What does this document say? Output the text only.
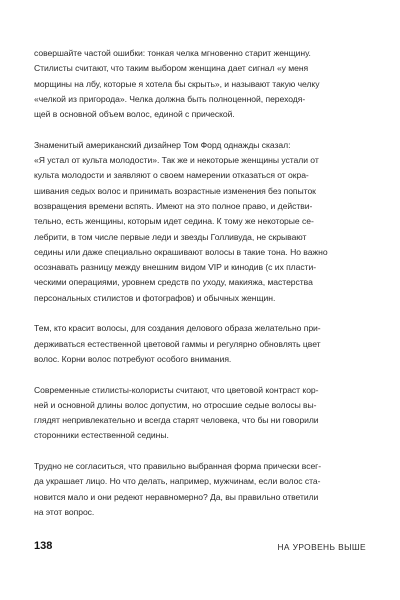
совершайте частой ошибки: тонкая челка мгновенно старит женщину.
Стилисты считают, что таким выбором женщина дает сигнал «у меня
морщины на лбу, которые я хотела бы скрыть», и называют такую челку
«челкой из пригорода». Челка должна быть полноценной, переходя-
щей в основной объем волос, единой с прической.

Знаменитый американский дизайнер Том Форд однажды сказал:
«Я устал от культа молодости». Так же и некоторые женщины устали от
культа молодости и заявляют о своем намерении отказаться от окра-
шивания седых волос и принимать возрастные изменения без попыток
возвращения времени вспять. Имеют на это полное право, и действи-
тельно, есть женщины, которым идет седина. К тому же некоторые се-
лебрити, в том числе первые леди и звезды Голливуда, не скрывают
седины или даже специально окрашивают волосы в такие тона. Но важно
осознавать разницу между внешним видом VIP и кинодив (с их пласти-
ческими операциями, уровнем средств по уходу, макияжа, мастерства
персональных стилистов и фотографов) и обычных женщин.

Тем, кто красит волосы, для создания делового образа желательно при-
держиваться естественной цветовой гаммы и регулярно обновлять цвет
волос. Корни волос потребуют особого внимания.

Современные стилисты-колористы считают, что цветовой контраст кор-
ней и основной длины волос допустим, но отросшие седые волосы вы-
глядят непривлекательно и всегда старят человека, что бы ни говорили
сторонники естественной седины.

Трудно не согласиться, что правильно выбранная форма прически всег-
да украшает лицо. Но что делать, например, мужчинам, если волос ста-
новится мало и они редеют неравномерно? Да, вы правильно ответили
на этот вопрос.

138	НА УРОВЕНЬ ВЫШЕ
